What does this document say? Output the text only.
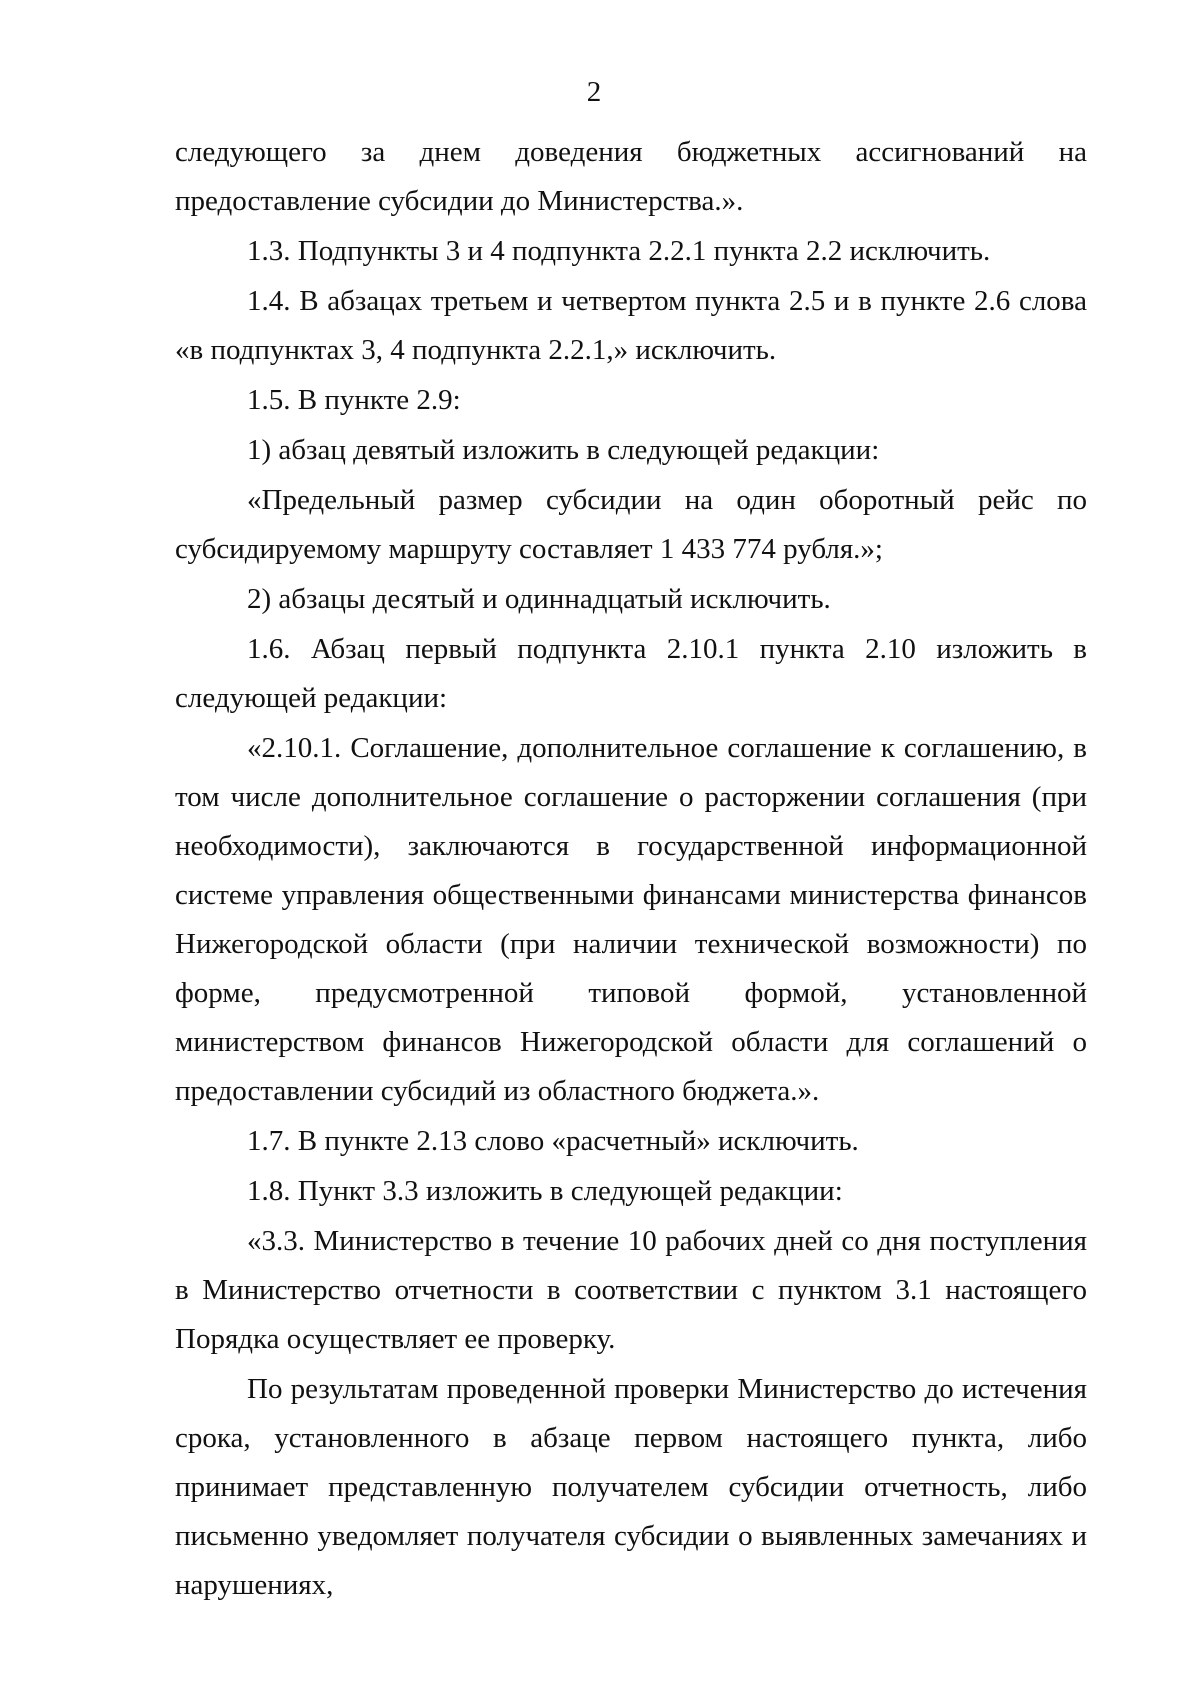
2

следующего за днем доведения бюджетных ассигнований на предоставление субсидии до Министерства.».

1.3. Подпункты 3 и 4 подпункта 2.2.1 пункта 2.2 исключить.

1.4. В абзацах третьем и четвертом пункта 2.5 и в пункте 2.6 слова «в подпунктах 3, 4 подпункта 2.2.1,» исключить.

1.5. В пункте 2.9:

1) абзац девятый изложить в следующей редакции:

«Предельный размер субсидии на один оборотный рейс по субсидируемому маршруту составляет 1 433 774 рубля.»;

2) абзацы десятый и одиннадцатый исключить.

1.6. Абзац первый подпункта 2.10.1 пункта 2.10 изложить в следующей редакции:

«2.10.1. Соглашение, дополнительное соглашение к соглашению, в том числе дополнительное соглашение о расторжении соглашения (при необходимости), заключаются в государственной информационной системе управления общественными финансами министерства финансов Нижегородской области (при наличии технической возможности) по форме, предусмотренной типовой формой, установленной министерством финансов Нижегородской области для соглашений о предоставлении субсидий из областного бюджета.».

1.7. В пункте 2.13 слово «расчетный» исключить.

1.8. Пункт 3.3 изложить в следующей редакции:

«3.3. Министерство в течение 10 рабочих дней со дня поступления в Министерство отчетности в соответствии с пунктом 3.1 настоящего Порядка осуществляет ее проверку.

По результатам проведенной проверки Министерство до истечения срока, установленного в абзаце первом настоящего пункта, либо принимает представленную получателем субсидии отчетность, либо письменно уведомляет получателя субсидии о выявленных замечаниях и нарушениях,
